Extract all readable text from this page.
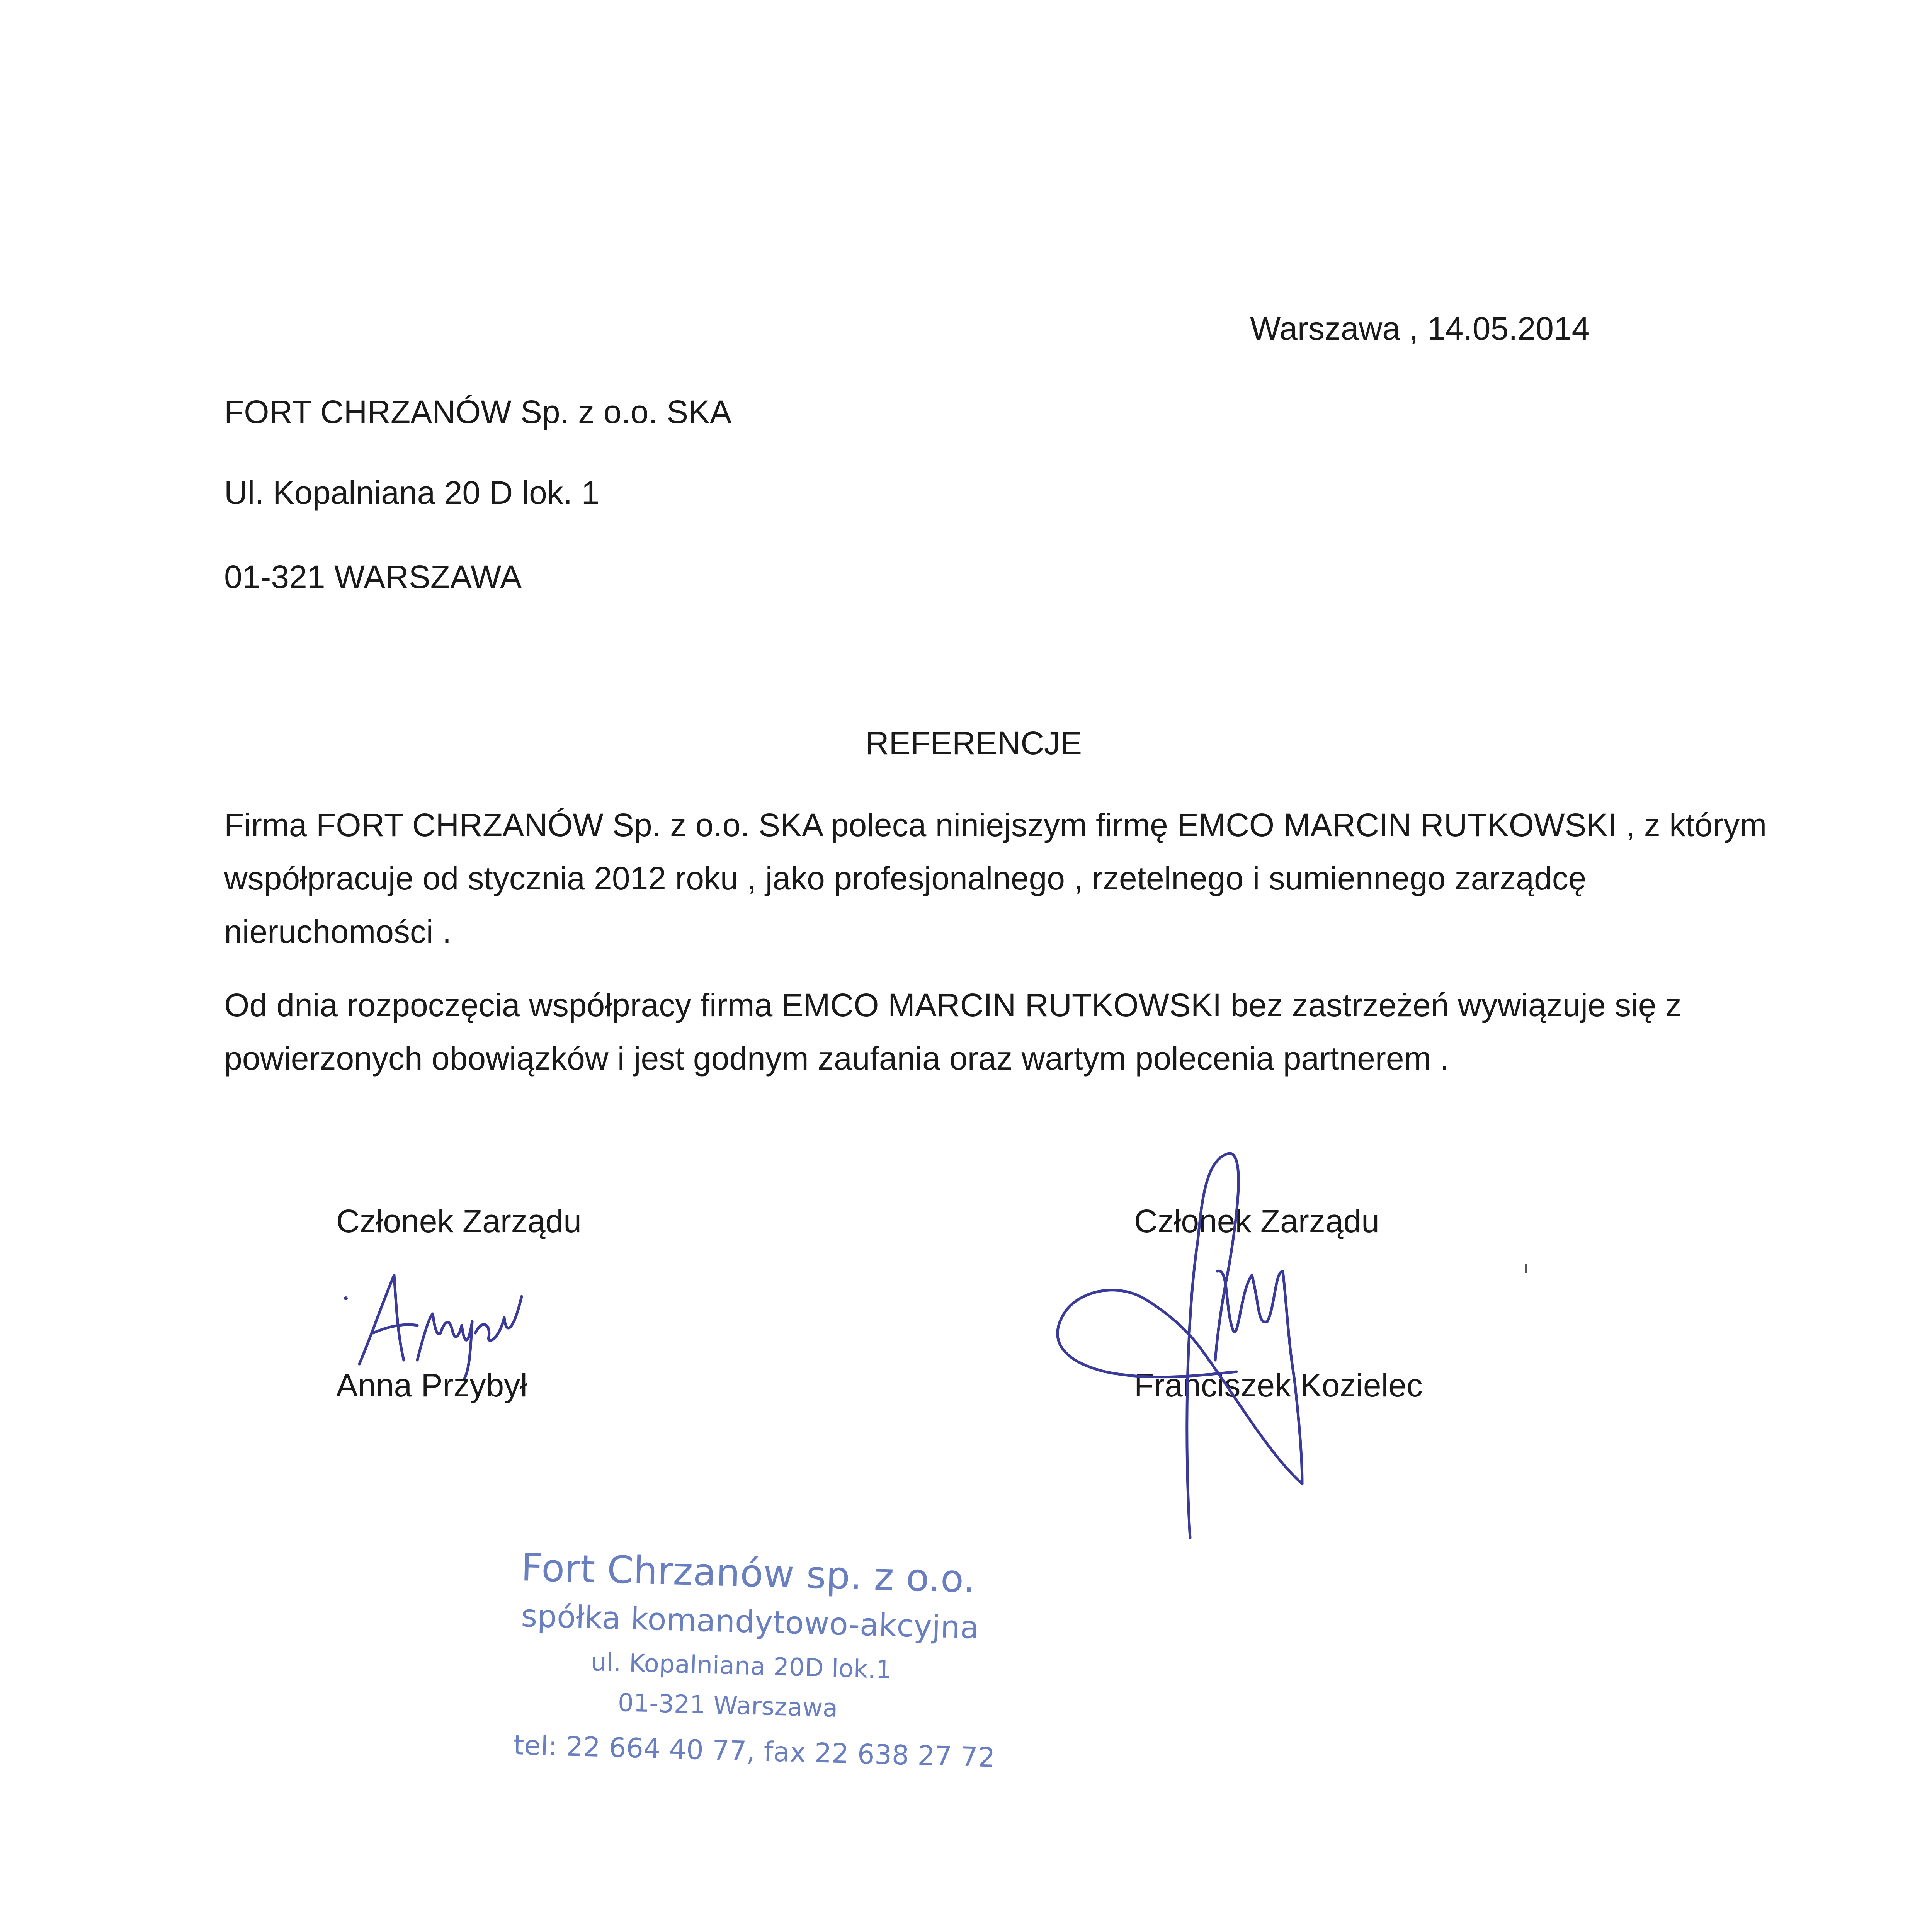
Warszawa , 14.05.2014
FORT CHRZANÓW Sp. z o.o. SKA
Ul. Kopalniana 20 D lok. 1
01-321 WARSZAWA
REFERENCJE
Firma FORT CHRZANÓW Sp. z o.o. SKA poleca niniejszym firmę EMCO MARCIN RUTKOWSKI , z którym
współpracuje od stycznia 2012 roku , jako profesjonalnego , rzetelnego i sumiennego zarządcę
nieruchomości .
Od dnia rozpoczęcia współpracy firma EMCO MARCIN RUTKOWSKI bez zastrzeżeń wywiązuje się z
powierzonych obowiązków i jest godnym zaufania oraz wartym polecenia partnerem .
Członek Zarządu
Anna Przybył
Członek Zarządu
Franciszek Kozielec
Fort Chrzanów sp. z o.o.
spółka komandytowo-akcyjna
ul. Kopalniana 20D lok.1
01-321 Warszawa
tel: 22 664 40 77, fax 22 638 27 72
